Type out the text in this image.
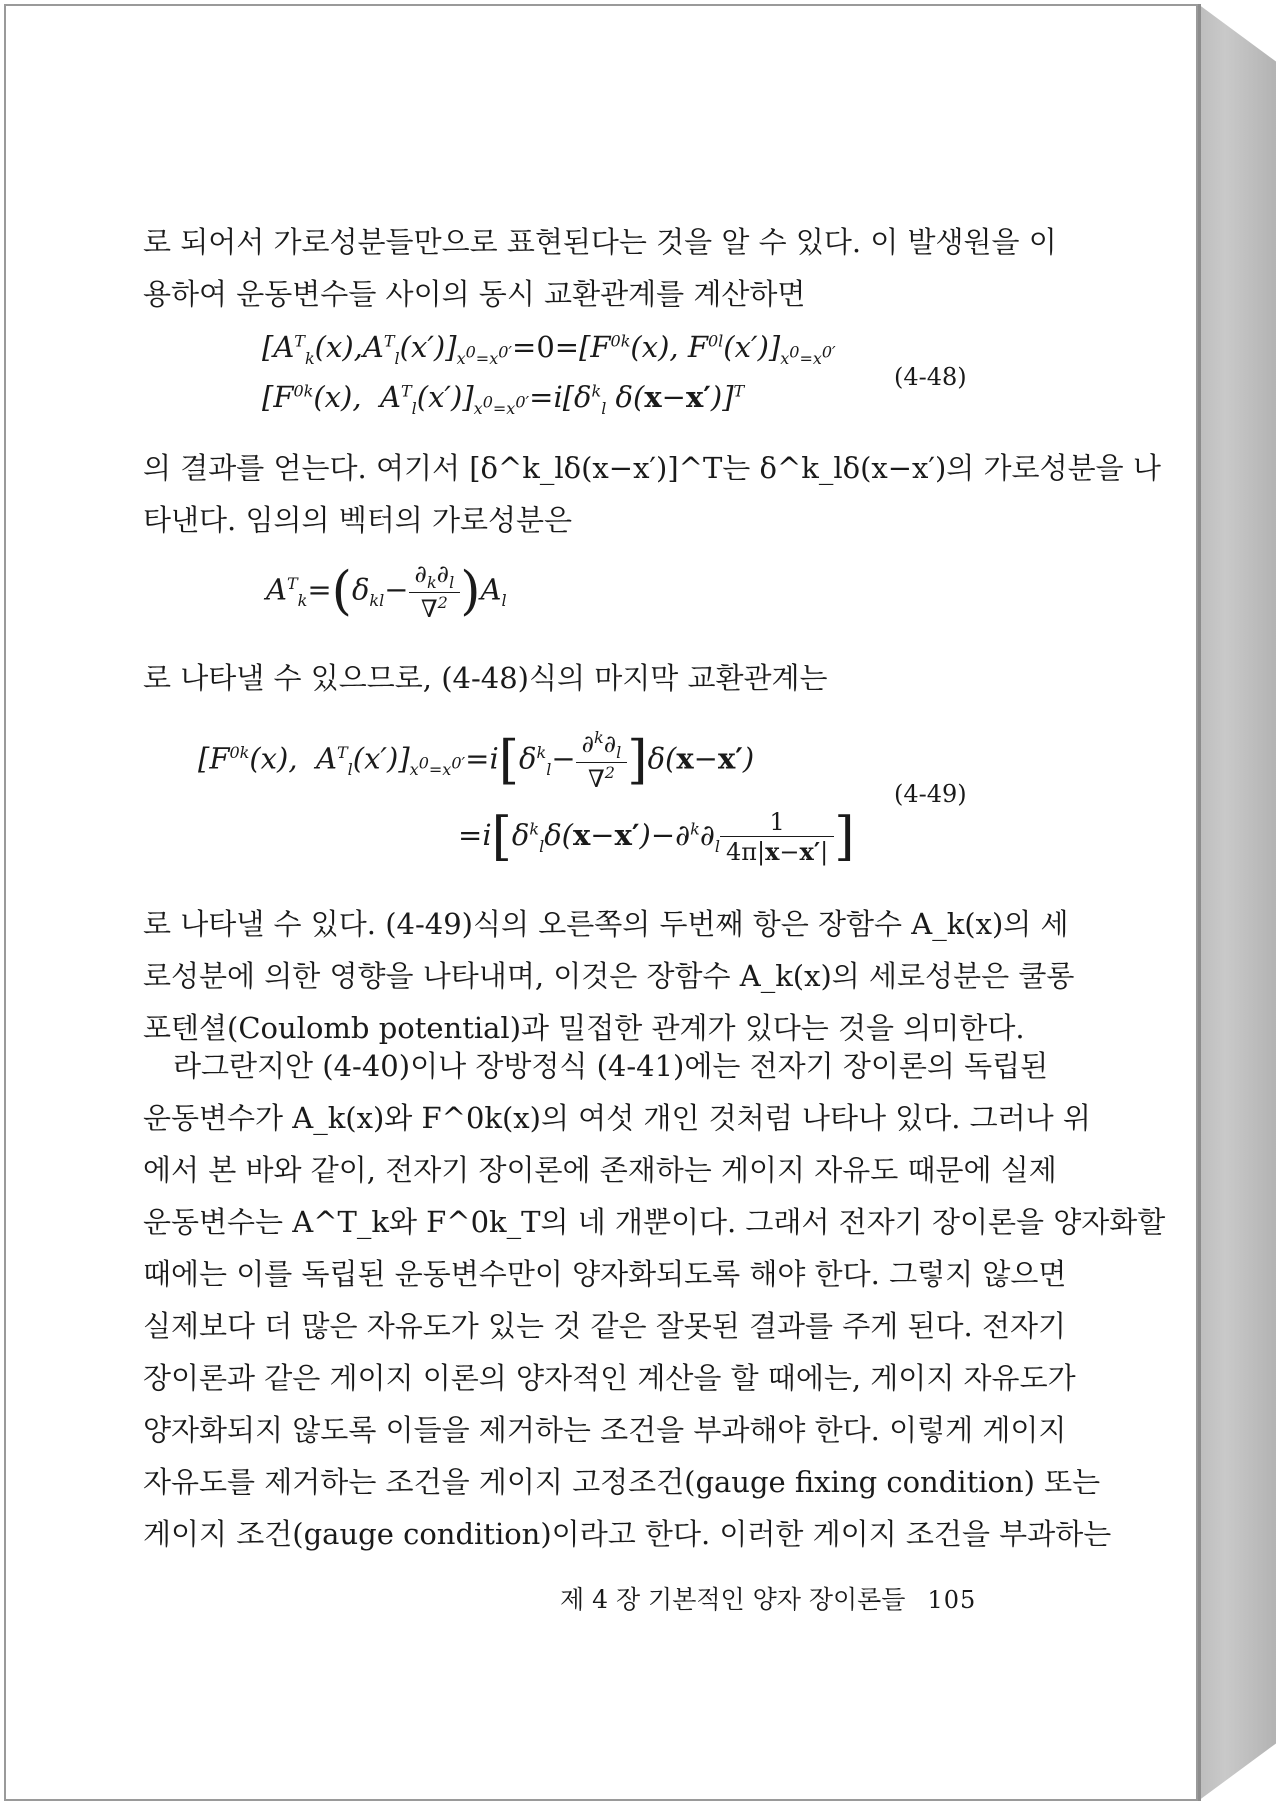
로 되어서 가로성분들만으로 표현된다는 것을 알 수 있다. 이 발생원을 이
용하여 운동변수들 사이의 동시 교환관계를 계산하면

$[A^T_k(x),A^T_l(x')]_{x^0=x^{0'}}=0=[F^{0k}(x)$, $F^{0l}(x')]_{x^0=x^{0'}}$
[$F^{0k}(x)$,  $A^T_l(x')]_{x^0=x^{0'}}=i[\delta^k_l$ δ(x−x′)]$^T$	(4-48)

의 결과를 얻는다. 여기서 [δ^k_lδ(x−x′)]^T는 δ^k_lδ(x−x′)의 가로성분을 나
타낸다. 임의의 벡터의 가로성분은

$A^T_k=(\delta_{kl}- \frac{\partial_k\partial_l}{\nabla^2} )A_l$

로 나타낼 수 있으므로, (4-48)식의 마지막 교환관계는

[$F^{0k}(x)$,  $A^T_l(x')]_{x^0=x^{0'}}=i[\delta^k_l- \frac{\partial^k\partial_l}{\nabla^2} ]\delta(x-x')$
$=i[\delta^k_l\delta(x-x')-\partial^k\partial_l \frac{1}{4\pi|x-x'|}$ ]
(4-49)

로 나타낼 수 있다. (4-49)식의 오른쪽의 두번째 항은 장함수 A_k(x)의 세
로성분에 의한 영향을 나타내며, 이것은 장함수 A_k(x)의 세로성분은 쿨롱
포텐셜(Coulomb potential)과 밀접한 관계가 있다는 것을 의미한다.

라그란지안 (4-40)이나 장방정식 (4-41)에는 전자기 장이론의 독립된
운동변수가 A_k(x)와 F^0k(x)의 여섯 개인 것처럼 나타나 있다. 그러나 위
에서 본 바와 같이, 전자기 장이론에 존재하는 게이지 자유도 때문에 실제
운동변수는 A^T_k와 F^0k_T의 네 개뿐이다. 그래서 전자기 장이론을 양자화할
때에는 이를 독립된 운동변수만이 양자화되도록 해야 한다. 그렇지 않으면
실제보다 더 많은 자유도가 있는 것 같은 잘못된 결과를 주게 된다. 전자기
장이론과 같은 게이지 이론의 양자적인 계산을 할 때에는, 게이지 자유도가
양자화되지 않도록 이들을 제거하는 조건을 부과해야 한다. 이렇게 게이지
자유도를 제거하는 조건을 게이지 고정조건(gauge fixing condition) 또는
게이지 조건(gauge condition)이라고 한다. 이러한 게이지 조건을 부과하는

제 4 장 기본적인 양자 장이론들 105
